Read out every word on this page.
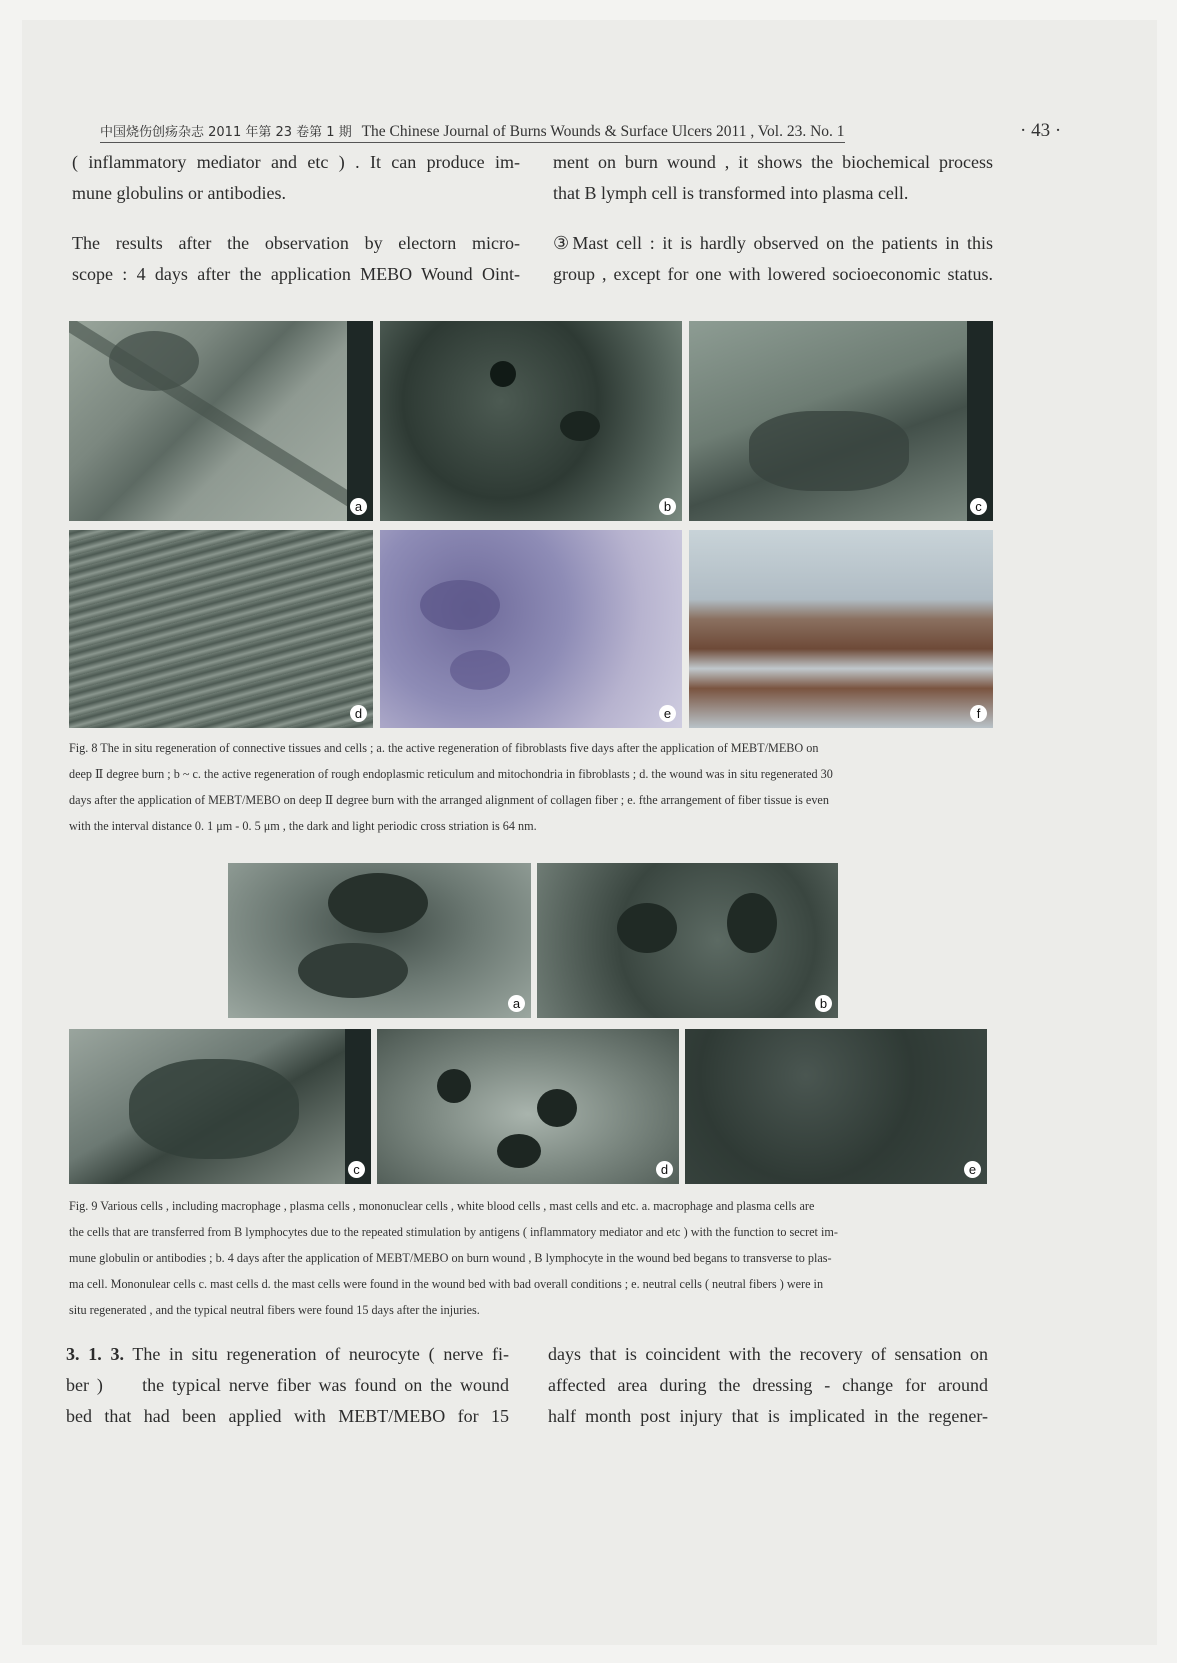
中国烧伤创疡杂志 2011 年第 23 卷第 1 期 The Chinese Journal of Burns Wounds & Surface Ulcers 2011 , Vol. 23. No. 1	· 43 ·
( inflammatory mediator and etc ) . It can produce im-
mune globulins or antibodies.
The results after the observation by electorn micro-
scope : 4 days after the application MEBO Wound Oint-
ment on burn wound , it shows the biochemical process
that B lymph cell is transformed into plasma cell.
③Mast cell : it is hardly observed on the patients in this
group , except for one with lowered socioeconomic status.
a	b	c
d	e	f

Fig. 8 The in situ regeneration of connective tissues and cells ; a. the active regeneration of fibroblasts five days after the application of MEBT/MEBO on

deep Ⅱ degree burn ; b ~ c. the active regeneration of rough endoplasmic reticulum and mitochondria in fibroblasts ; d. the wound was in situ regenerated 30

days after the application of MEBT/MEBO on deep Ⅱ degree burn with the arranged alignment of collagen fiber ; e. fthe arrangement of fiber tissue is even

with the interval distance 0. 1 μm - 0. 5 μm , the dark and light periodic cross striation is 64 nm.

a	b
c	d	e

Fig. 9 Various cells , including macrophage , plasma cells , mononuclear cells , white blood cells , mast cells and etc. a. macrophage and plasma cells are

the cells that are transferred from B lymphocytes due to the repeated stimulation by antigens ( inflammatory mediator and etc ) with the function to secret im-

mune globulin or antibodies ; b. 4 days after the application of MEBT/MEBO on burn wound , B lymphocyte in the wound bed begans to transverse to plas-

ma cell. Mononulear cells c. mast cells d. the mast cells were found in the wound bed with bad overall conditions ; e. neutral cells ( neutral fibers ) were in

situ regenerated , and the typical neutral fibers were found 15 days after the injuries.

3. 1. 3. The in situ regeneration of neurocyte ( nerve fi-
ber )     the typical nerve fiber was found on the wound
bed that had been applied with MEBT/MEBO for 15
days that is coincident with the recovery of sensation on
affected area during the dressing - change for around
half month post injury that is implicated in the regener-
